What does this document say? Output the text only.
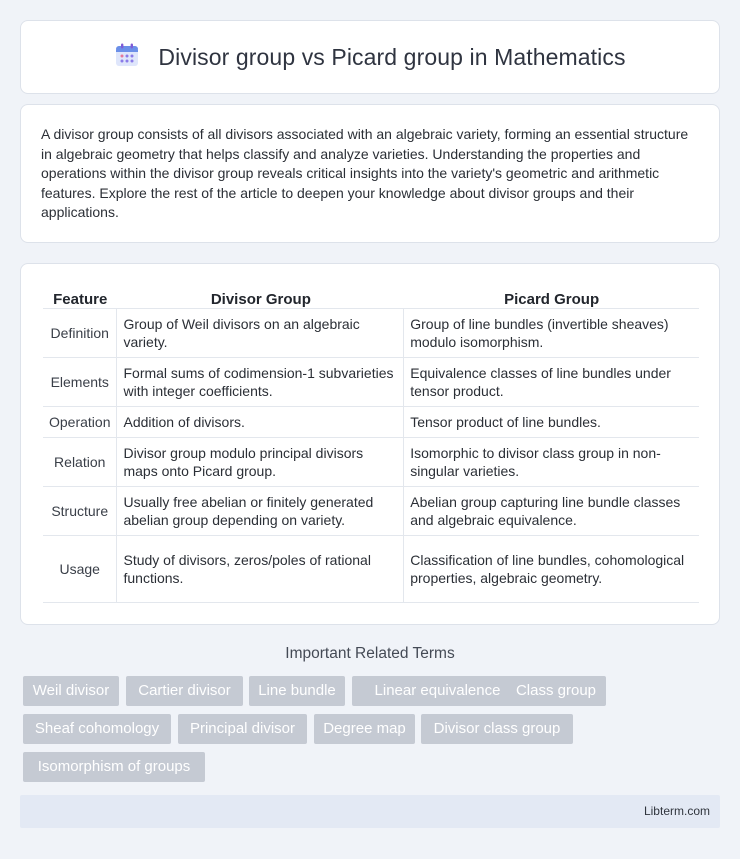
Divisor group vs Picard group in Mathematics

A divisor group consists of all divisors associated with an algebraic variety, forming an essential structure in algebraic geometry that helps classify and analyze varieties. Understanding the properties and operations within the divisor group reveals critical insights into the variety's geometric and arithmetic features. Explore the rest of the article to deepen your knowledge about divisor groups and their applications.

Feature	Divisor Group	Picard Group
Definition	Group of Weil divisors on an algebraic variety.	Group of line bundles (invertible sheaves) modulo isomorphism.
Elements	Formal sums of codimension-1 subvarieties with integer coefficients.	Equivalence classes of line bundles under tensor product.
Operation	Addition of divisors.	Tensor product of line bundles.
Relation	Divisor group modulo principal divisors maps onto Picard group.	Isomorphic to divisor class group in non-singular varieties.
Structure	Usually free abelian or finitely generated abelian group depending on variety.	Abelian group capturing line bundle classes and algebraic equivalence.
Usage	Study of divisors, zeros/poles of rational functions.	Classification of line bundles, cohomological properties, algebraic geometry.
Important Related Terms
Weil divisor	Cartier divisor	Line bundle	Linear equivalence	Class group
Sheaf cohomology	Principal divisor	Degree map	Divisor class group
Isomorphism of groups
Libterm.com
